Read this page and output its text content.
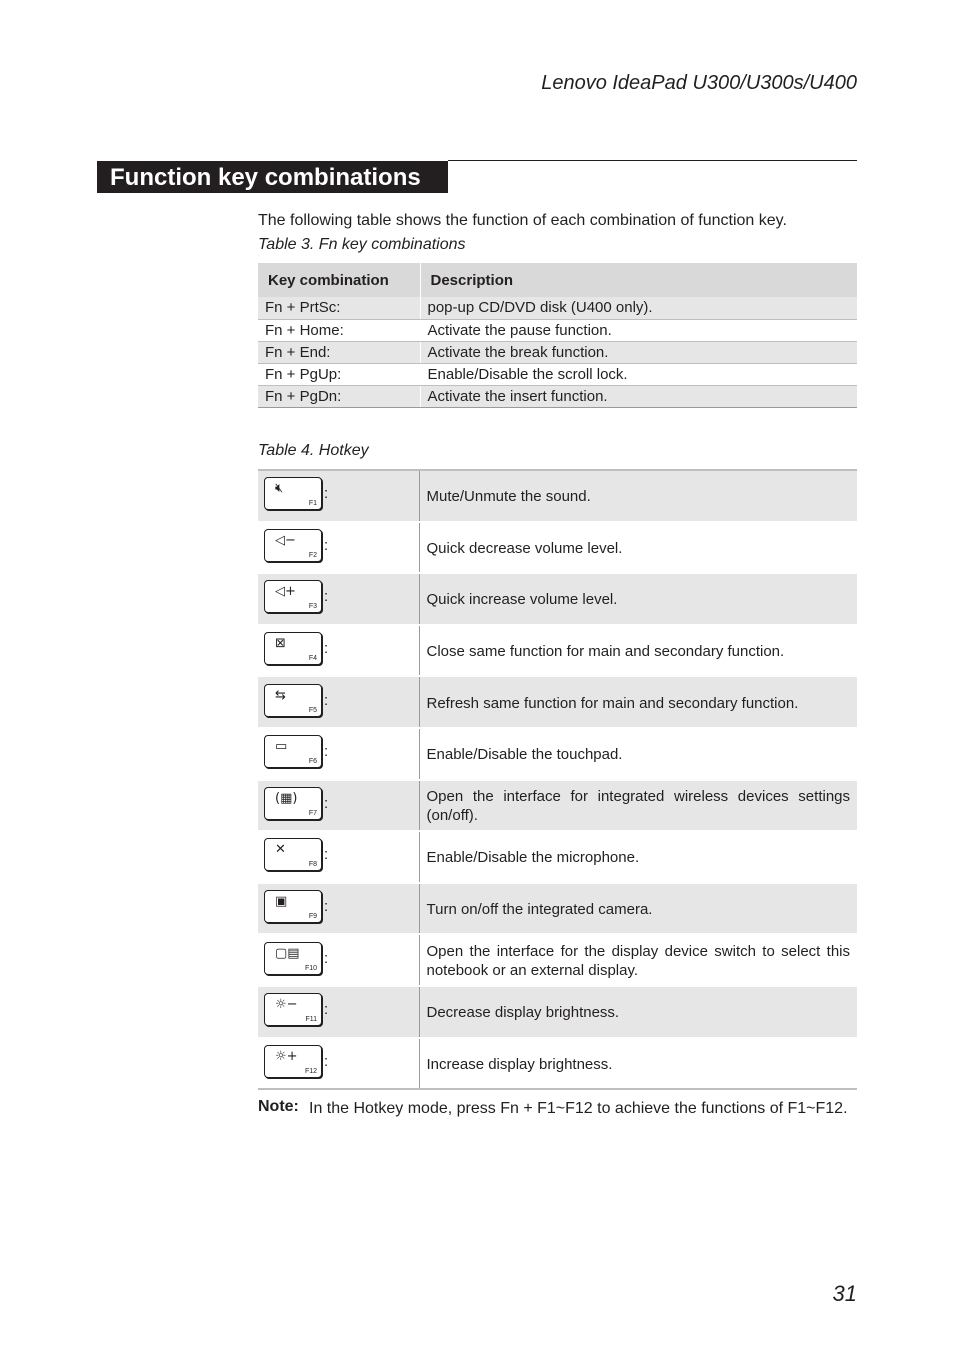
Lenovo IdeaPad U300/U300s/U400
Function key combinations
The following table shows the function of each combination of function key.
Table 3. Fn key combinations
Key combination	Description
Fn + PrtSc:	pop-up CD/DVD disk (U400 only).
Fn + Home:	Activate the pause function.
Fn + End:	Activate the break function.
Fn + PgUp:	Enable/Disable the scroll lock.
Fn + PgDn:	Activate the insert function.
Table 4. Hotkey
🔇︎
F1
:	Mute/Unmute the sound.

◁−
F2
:	Quick decrease volume level.

◁+
F3
:	Quick increase volume level.

⊠
F4
:	Close same function for main and secondary function.

⇆
F5
:	Refresh same function for main and secondary function.

▭
F6
:	Enable/Disable the touchpad.

(▦)
F7
:	Open the interface for integrated wireless devices settings (on/off).

✕
F8
:	Enable/Disable the microphone.

▣
F9
:	Turn on/off the integrated camera.

▢▤
F10
:	Open the interface for the display device switch to select this notebook or an external display.

☼−
F11
:	Decrease display brightness.

☼+
F12
:	Increase display brightness.
Note: In the Hotkey mode, press Fn + F1~F12 to achieve the functions of F1~F12.
31
